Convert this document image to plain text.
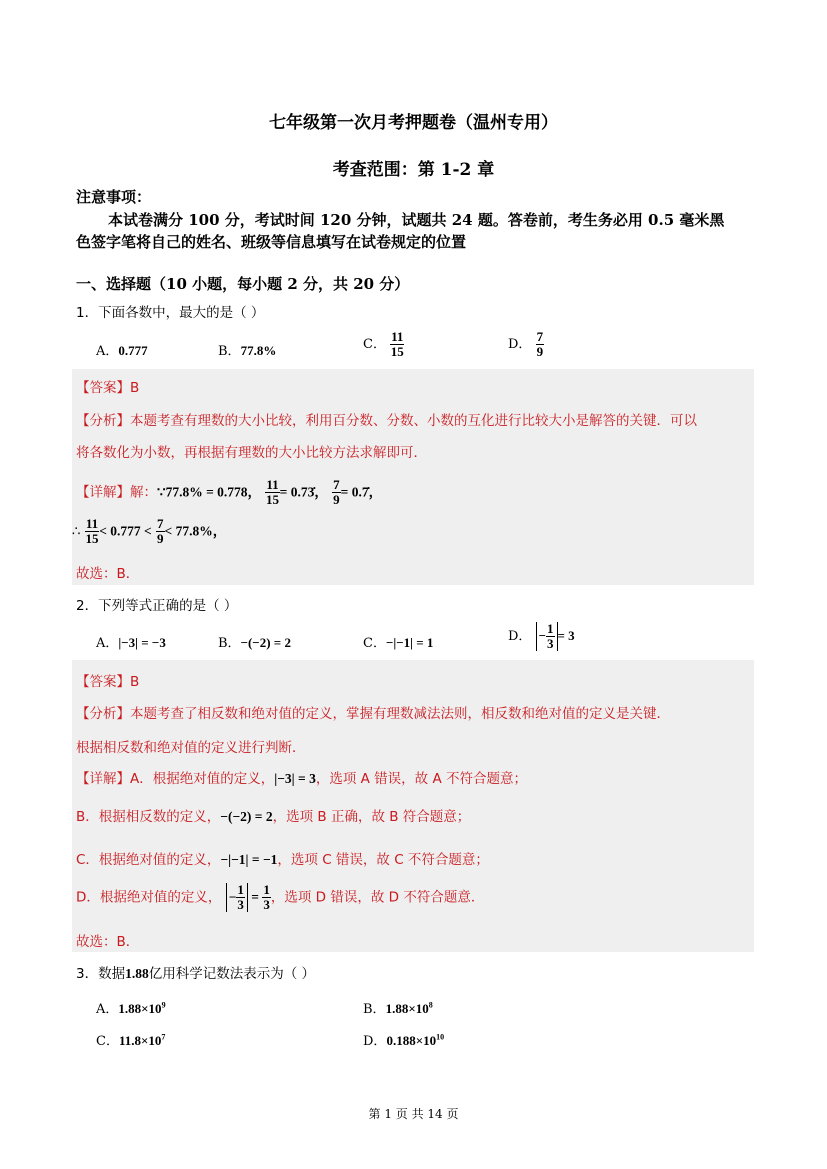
七年级第一次月考押题卷（温州专用）
考查范围：第 1-2 章
注意事项：
本试卷满分 100 分，考试时间 120 分钟，试题共 24 题。答卷前，考生务必用 0.5 毫米黑
色签字笔将自己的姓名、班级等信息填写在试卷规定的位置
一、选择题（10 小题，每小题 2 分，共 20 分）
1．下面各数中，最大的是（ ）
A．0.777	B．77.8%	C． $\frac{11}{15}$	D． $\frac{7}{9}$
【答案】B
【分析】本题考查有理数的大小比较，利用百分数、分数、小数的互化进行比较大小是解答的关键．可以
将各数化为小数，再根据有理数的大小比较方法求解即可．
【详解】解：∵77.8% = 0.778， $\frac{11}{15}$ = 0.73̇， $\frac{7}{9}$ = 0.7̇，
∴ $\frac{11}{15} < 0.777 < \frac{7}{9} < 77.8\%$，
故选：B．
2．下列等式正确的是（ ）
A．|−3| = −3	B．−(−2) = 2	C．−|−1| = 1	D． − $\frac{1}{3} = 3$
【答案】B
【分析】本题考查了相反数和绝对值的定义，掌握有理数减法法则，相反数和绝对值的定义是关键．
根据相反数和绝对值的定义进行判断．
【详解】A．根据绝对值的定义，|−3| = 3，选项 A 错误，故 A 不符合题意；
B．根据相反数的定义，−(−2) = 2，选项 B 正确，故 B 符合题意；
C．根据绝对值的定义，−|−1| = −1，选项 C 错误，故 C 不符合题意；
D．根据绝对值的定义， − $\frac{1}{3} = \frac{1}{3}$ ，选项 D 错误，故 D 不符合题意．
故选：B．
3．数据1.88亿用科学记数法表示为（ ）
A．$1.88\times 10^9$	B．$1.88\times 10^8$
C．$11.8\times 10^7$	D．$0.188\times 10^{10}$
第 1 页 共 14 页
